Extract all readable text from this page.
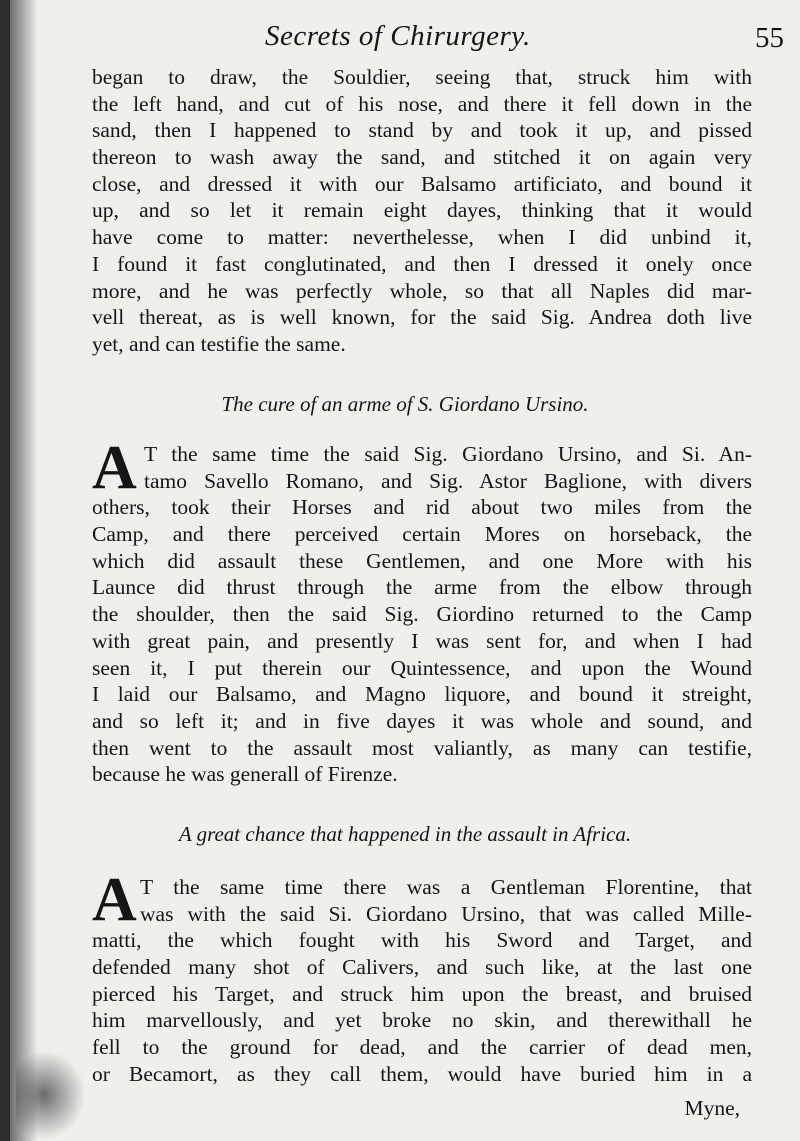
Secrets of Chirurgery.	55
began to draw, the Souldier, seeing that, struck him with
the left hand, and cut of his nose, and there it fell down in the
sand, then I happened to stand by and took it up, and pissed
thereon to wash away the sand, and stitched it on again very
close, and dressed it with our Balsamo artificiato, and bound it
up, and so let it remain eight dayes, thinking that it would
have come to matter: neverthelesse, when I did unbind it,
I found it fast conglutinated, and then I dressed it onely once
more, and he was perfectly whole, so that all Naples did mar-
vell thereat, as is well known, for the said Sig. Andrea doth live
yet, and can testifie the same.

The cure of an arme of S. Giordano Ursino.

A T the same time the said Sig. Giordano Ursino, and Si. An-
tamo Savello Romano, and Sig. Astor Baglione, with divers
others, took their Horses and rid about two miles from the
Camp, and there perceived certain Mores on horseback, the
which did assault these Gentlemen, and one More with his
Launce did thrust through the arme from the elbow through
the shoulder, then the said Sig. Giordino returned to the Camp
with great pain, and presently I was sent for, and when I had
seen it, I put therein our Quintessence, and upon the Wound
I laid our Balsamo, and Magno liquore, and bound it streight,
and so left it; and in five dayes it was whole and sound, and
then went to the assault most valiantly, as many can testifie,
because he was generall of Firenze.

A great chance that happened in the assault in Africa.

A T the same time there was a Gentleman Florentine, that
was with the said Si. Giordano Ursino, that was called Mille-
matti, the which fought with his Sword and Target, and
defended many shot of Calivers, and such like, at the last one
pierced his Target, and struck him upon the breast, and bruised
him marvellously, and yet broke no skin, and therewithall he
fell to the ground for dead, and the carrier of dead men,
or Becamort, as they call them, would have buried him in a
Myne,
